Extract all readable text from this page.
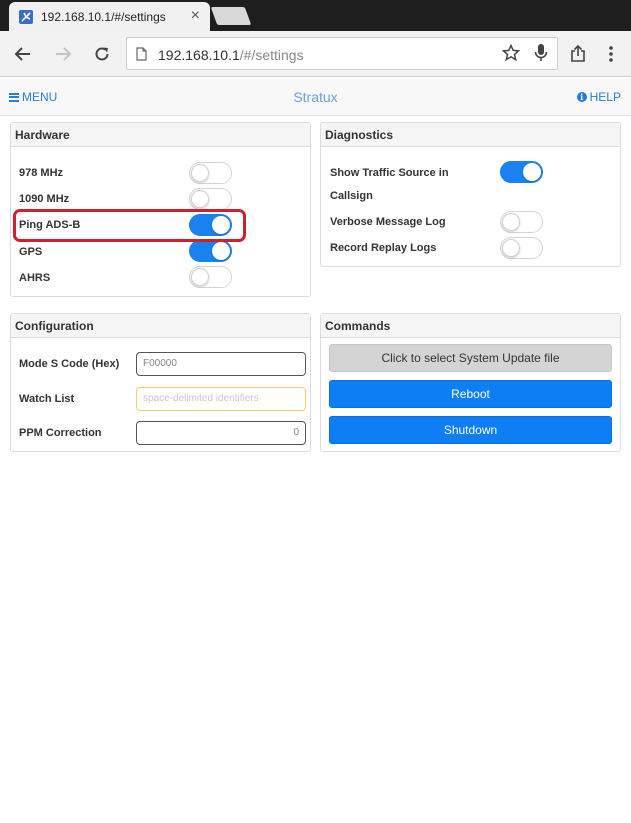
192.168.10.1/#/settings ×
192.168.10.1/#/settings
MENU	Stratux	i HELP
Hardware
978 MHz
1090 MHz
Ping ADS-B
GPS
AHRS
Diagnostics
Show Traffic Source in
Callsign
Verbose Message Log
Record Replay Logs
Configuration
Mode S Code (Hex)	F00000
Watch List	space-delimited identifiers
PPM Correction	0
Commands
Click to select System Update file
Reboot
Shutdown
